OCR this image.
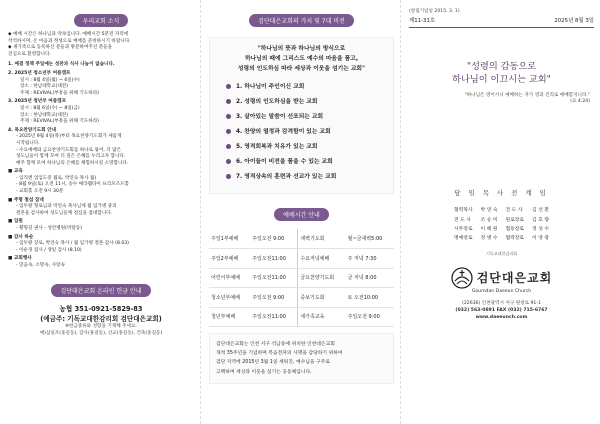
우리교회 소식

◆ 예배 시간은 하나님과 약속입니다. 예배시간 5분전 자리에

착석하시며, 온 마음과 정성으로 예배를 준비하시기 바랍니다.

◆ 새가족으로 등록하신 분들과 방문하여주신 분들을

진심으로 환영합니다.

1. 예결 정책 주일예는 성찬과 식사 나눔이 없습니다.

2. 2025년 청소년부 여름캠프

일시 : 8월 4일(월) ~ 6일(수)

장소 : 한남대학교(대전)

주제 : REVIVAL(부흥을 위해 기도하라)

3. 2025년 청년부 여름캠프

일시 : 8월 6일(수) ~ 8일(금)

장소 : 한남대학교(대전)

주제 : REVIVAL(부흥을 위해 기도하라)

4. 목요찬양기도회 안내

- 2025년 9월 4일(목)부터 목요찬양기도회가 새롭게

시작됩니다.

- 수요예배와 금요찬양기도회를 하나로 묶어, 더 많은

성도님들이 함께 모여 더 깊은 은혜를 누리고자 합니다.

매주 함께 모여 하나님의 은혜를 체험하시길 소망합니다.

■ 교육

- 임직엔 엄입도증 월로, 박연숙 목사 월)

- 8월 9일(토) 오전 11시, 송수 매라웹타이 프리모즈르홀

- 교회홀 오전 9시 30분

■ 주형 철섬 잡네

- 임두왕 형로님과 박연숙 목사님께 월 임가병 중의

결혼을 감사하여 성도님들께 점심을 접대합니다.

■ 입원

- 황형길 권사 - 성안병원(박달동)

■ 감사 하순

- 임두왕 장로, 박연숙 목사 / 월 임가병 결혼 감사 (8.03)

- 이순경 집사 / 생일 감사 (8.10)

■ 교회행사

- 믿음속, 소망속, 사랑속

검단대은교회 온라인 헌금 안내
농협 351-0921-5829-83
(예금주: 기독교대한감리회 검단대은교회)
※헌금종류와 성함을 기재해 주세요.
예)십일조(홍길동), 감사(홍길동), 선교(홍길동), 건축(홍길동)
검단대은교회의 가치 및 7대 비전
"하나님의 뜻과 하나님의 방식으로
하나님의 때에 그리스도 예수의 마음을 품고,
성령의 인도하심 따라 세상과 이웃을 섬기는 교회"
1. 하나님이 주인이신 교회
2. 성령의 인도하심을 받는 교회
3. 살아있는 말씀이 선포되는 교회
4. 찬양의 열정과 감격함이 있는 교회
5. 영적회복과 치유가 있는 교회
6. 아이들이 비전을 품을 수 있는 교회
7. 영적상속의 훈련과 선교가 있는 교회
예배시간 안내
주일1부예배	주일오전 9:00	새벽기도회	월~금새벽5:00
주일2부예배	주일오전11:00	수요저녁예배	주 저녁 7:30
어린이부예배	주일오전11:00	금요찬양기도회	금 저녁 8:00
청소년부예배	주일오전 9:00	중보기도회	토 오전10:00
청년부예배	주일오전11:00	새가족교육	주일오전 9:00
검단대은교회는 인천 서구 석남동에 위치한 인천대은교회
개척 35주년을 기념하며 복음전파의 사명을 감당하기 위하여
검단 지역에 2015년 3월 1일 세워진, 예수님을 구주로
고백하며 세상과 이웃을 섬기는 공동체입니다.
(창립기념일 2015. 3. 1)
제11-31호	2025년 8월 3일
"성령의 감동으로
하나님이 이끄시는 교회"
"하나님은 영이시니 예배하는 자가 영과 진리로 예배할지니라."
(요 4:24)
담 임 목 사 전 계 임
협력목사	박 연 숙	전 도 사	김 선 환
전 도 사	조 승 미	원로장로	김 호 량
시무장로	이 해 원	협동장로	정 성 수
명예장로	정 병 수	협력장로	이 영 광
기독교대한감리회
검단대은교회
Goumdan Daeeun Church
(22636) 인천광역시 서구 원창로 91-1
(032) 563-0891 FAX (032) 715-6767
www.daeeunch.com
